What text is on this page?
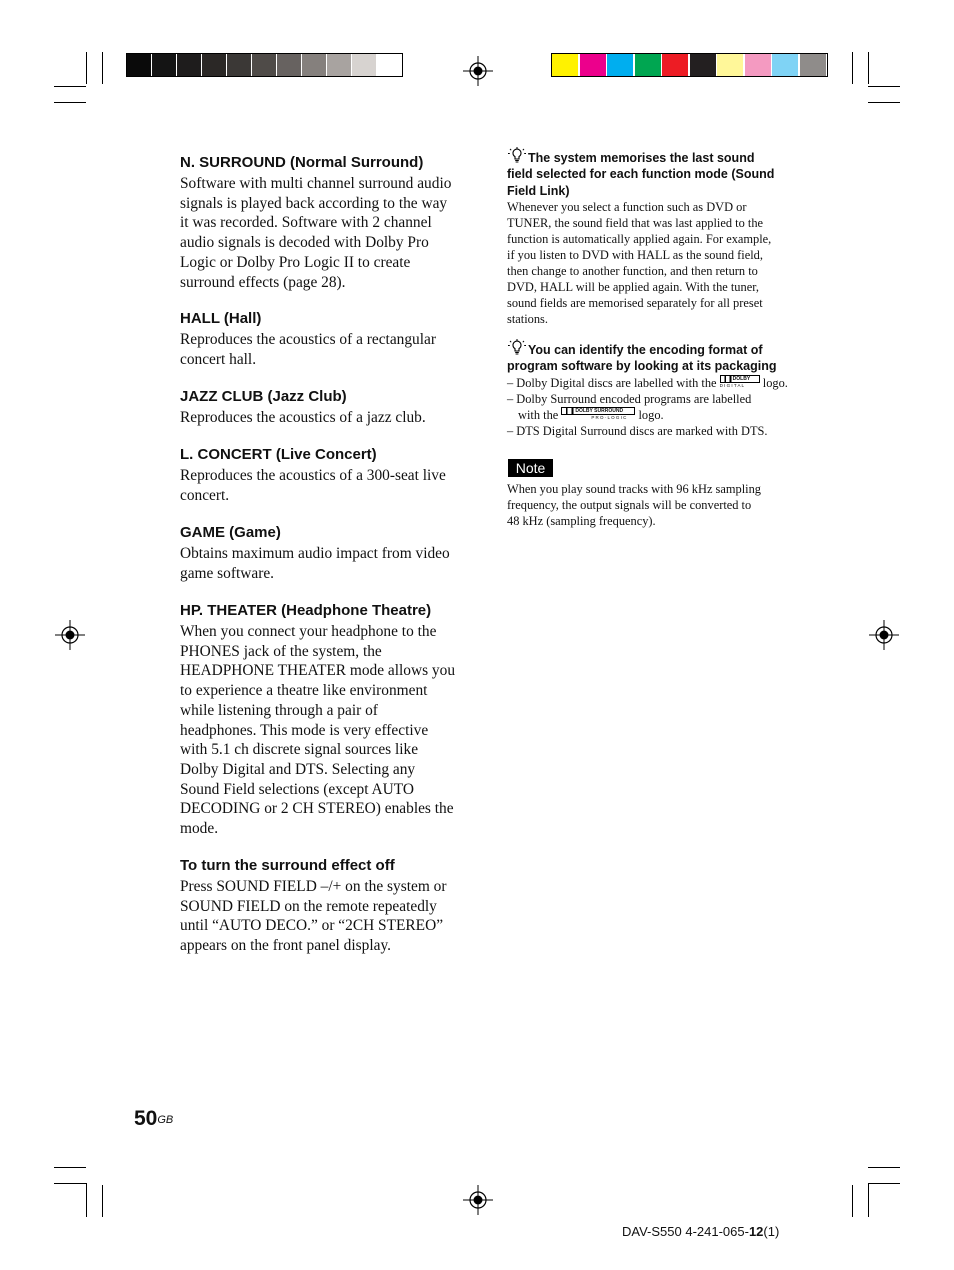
N. SURROUND (Normal Surround)
Software with multi channel surround audio
signals is played back according to the way
it was recorded. Software with 2 channel
audio signals is decoded with Dolby Pro
Logic or Dolby Pro Logic II to create
surround effects (page 28).
HALL (Hall)
Reproduces the acoustics of a rectangular
concert hall.
JAZZ CLUB (Jazz Club)
Reproduces the acoustics of a jazz club.
L. CONCERT (Live Concert)
Reproduces the acoustics of a 300-seat live
concert.
GAME (Game)
Obtains maximum audio impact from video
game software.
HP. THEATER (Headphone Theatre)
When you connect your headphone to the
PHONES jack of the system, the
HEADPHONE THEATER mode allows you
to experience a theatre like environment
while listening through a pair of
headphones. This mode is very effective
with 5.1 ch discrete signal sources like
Dolby Digital and DTS. Selecting any
Sound Field selections (except AUTO
DECODING or 2 CH STEREO) enables the
mode.
To turn the surround effect off
Press SOUND FIELD –/+ on the system or
SOUND FIELD on the remote repeatedly
until “AUTO DECO.” or “2CH STEREO”
appears on the front panel display.
The system memorises the last sound
field selected for each function mode (Sound
Field Link)
Whenever you select a function such as DVD or
TUNER, the sound field that was last applied to the
function is automatically applied again. For example,
if you listen to DVD with HALL as the sound field,
then change to another function, and then return to
DVD, HALL will be applied again. With the tuner,
sound fields are memorised separately for all preset
stations.
You can identify the encoding format of
program software by looking at its packaging
– Dolby Digital discs are labelled with the	DOLBY
D I G I T A L logo.
– Dolby Surround encoded programs are labelled
with the	DOLBY SURROUND
P R O · L O G I C logo.
– DTS Digital Surround discs are marked with DTS.
Note
When you play sound tracks with 96 kHz sampling
frequency, the output signals will be converted to
48 kHz (sampling frequency).
$50^{GB}$
DAV-S550 4-241-065-12(1)
